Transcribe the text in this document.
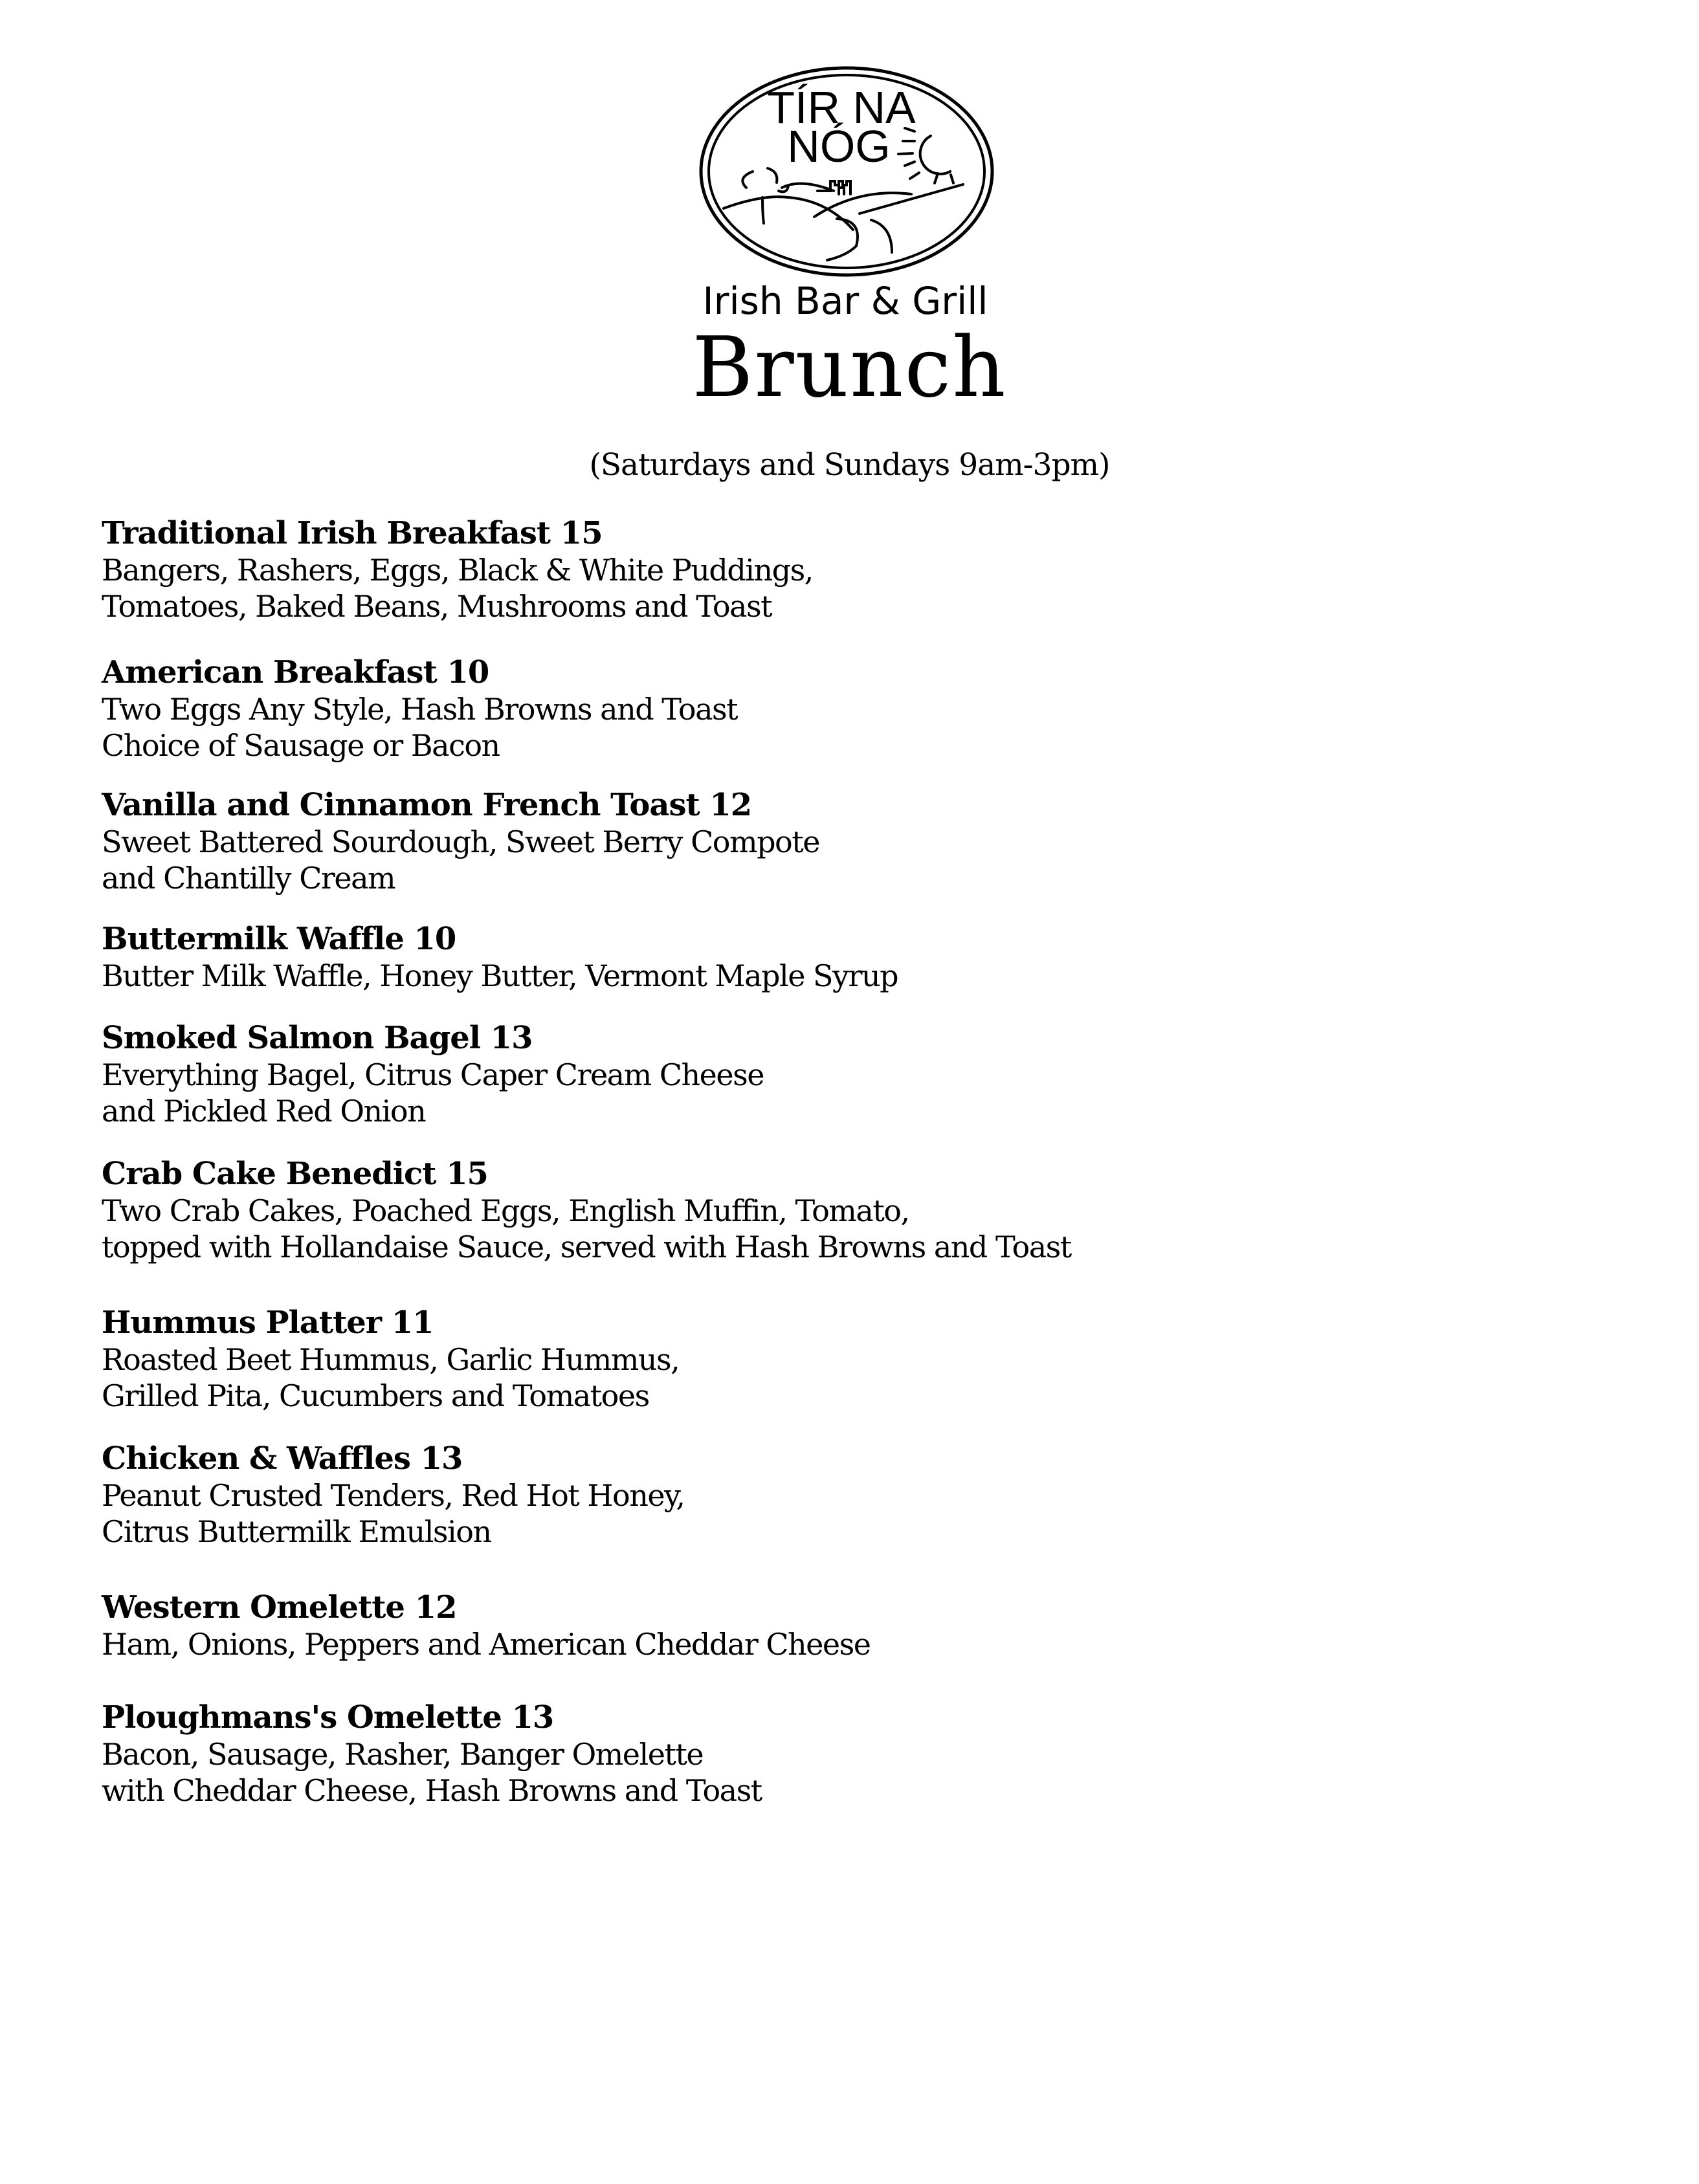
TÍR NA
NÓG
Irish Bar & Grill
Brunch
(Saturdays and Sundays 9am-3pm)
Traditional Irish Breakfast 15
Bangers, Rashers, Eggs, Black & White Puddings,
Tomatoes, Baked Beans, Mushrooms and Toast
American Breakfast 10
Two Eggs Any Style, Hash Browns and Toast
Choice of Sausage or Bacon
Vanilla and Cinnamon French Toast 12
Sweet Battered Sourdough, Sweet Berry Compote
and Chantilly Cream
Buttermilk Waffle 10
Butter Milk Waffle, Honey Butter, Vermont Maple Syrup
Smoked Salmon Bagel 13
Everything Bagel, Citrus Caper Cream Cheese
and Pickled Red Onion
Crab Cake Benedict 15
Two Crab Cakes, Poached Eggs, English Muffin, Tomato,
topped with Hollandaise Sauce, served with Hash Browns and Toast
Hummus Platter 11
Roasted Beet Hummus, Garlic Hummus,
Grilled Pita, Cucumbers and Tomatoes
Chicken & Waffles 13
Peanut Crusted Tenders, Red Hot Honey,
Citrus Buttermilk Emulsion
Western Omelette 12
Ham, Onions, Peppers and American Cheddar Cheese
Ploughmans's Omelette 13
Bacon, Sausage, Rasher, Banger Omelette
with Cheddar Cheese, Hash Browns and Toast
